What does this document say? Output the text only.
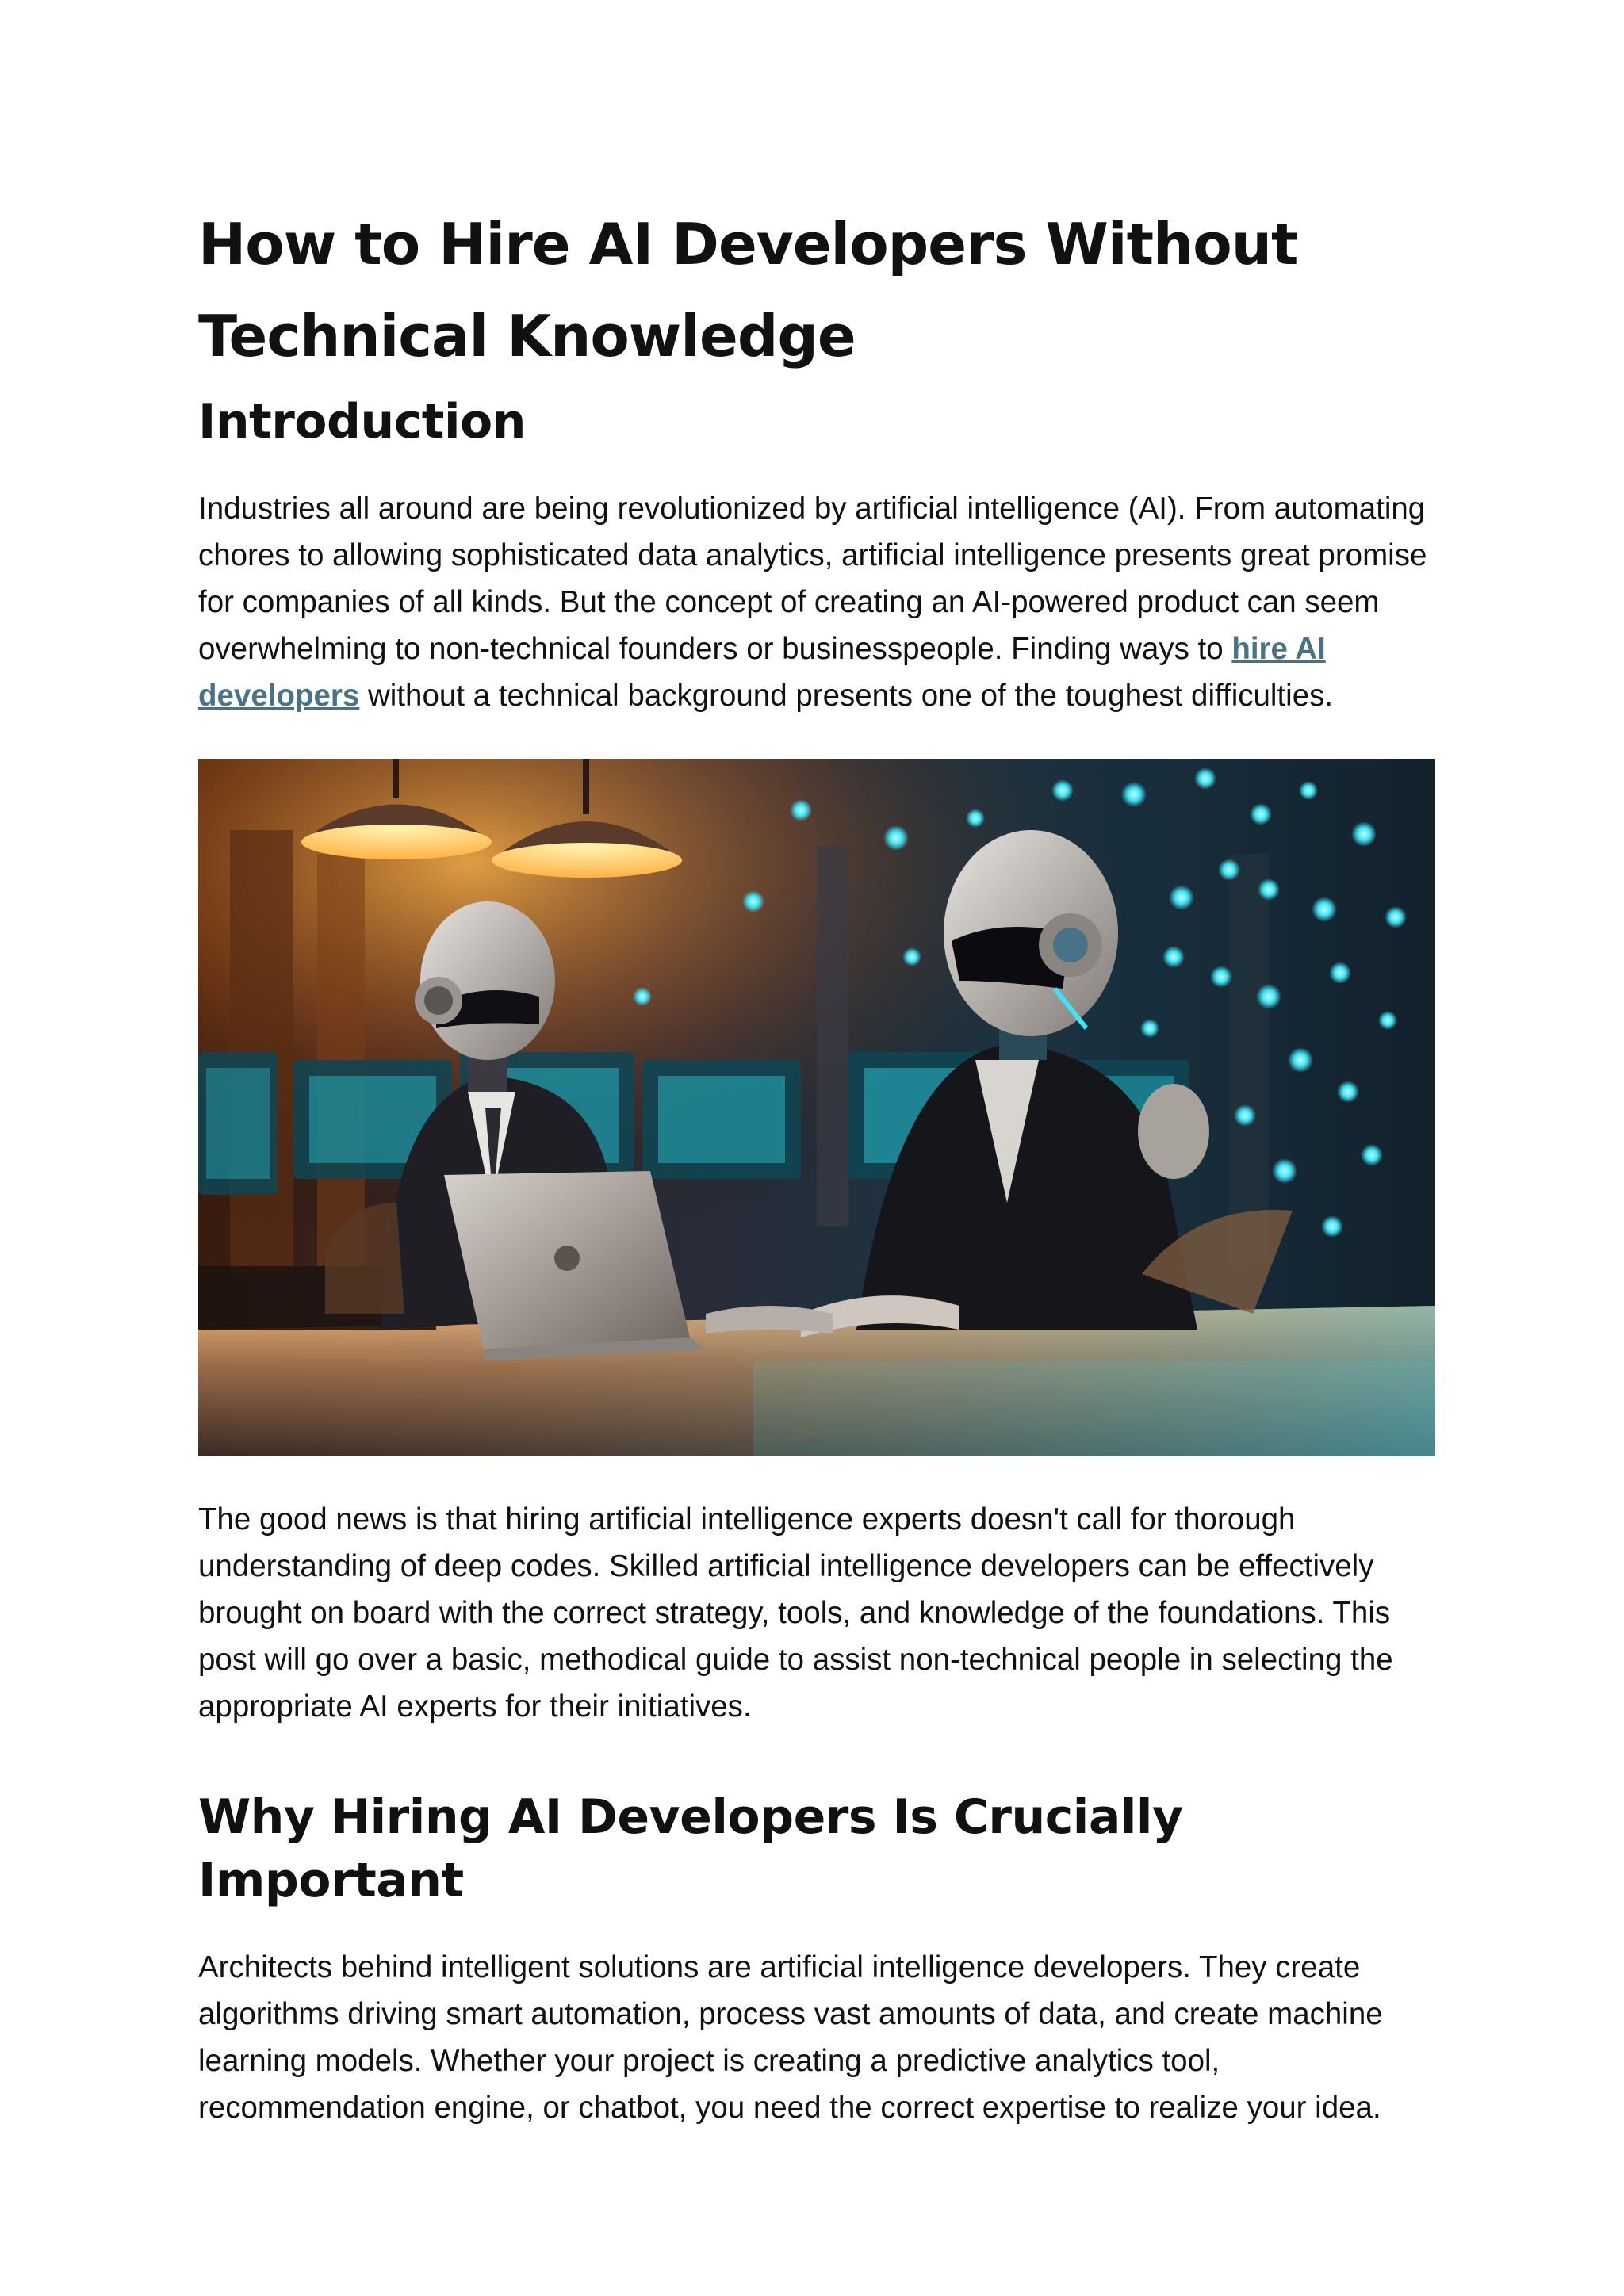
How to Hire AI Developers Without Technical Knowledge
Introduction

Industries all around are being revolutionized by artificial intelligence (AI). From automating chores to allowing sophisticated data analytics, artificial intelligence presents great promise for companies of all kinds. But the concept of creating an AI-powered product can seem overwhelming to non-technical founders or businesspeople. Finding ways to hire AI developers without a technical background presents one of the toughest difficulties.

The good news is that hiring artificial intelligence experts doesn't call for thorough understanding of deep codes. Skilled artificial intelligence developers can be effectively brought on board with the correct strategy, tools, and knowledge of the foundations. This post will go over a basic, methodical guide to assist non-technical people in selecting the appropriate AI experts for their initiatives.

Why Hiring AI Developers Is Crucially Important

Architects behind intelligent solutions are artificial intelligence developers. They create algorithms driving smart automation, process vast amounts of data, and create machine learning models. Whether your project is creating a predictive analytics tool, recommendation engine, or chatbot, you need the correct expertise to realize your idea.
